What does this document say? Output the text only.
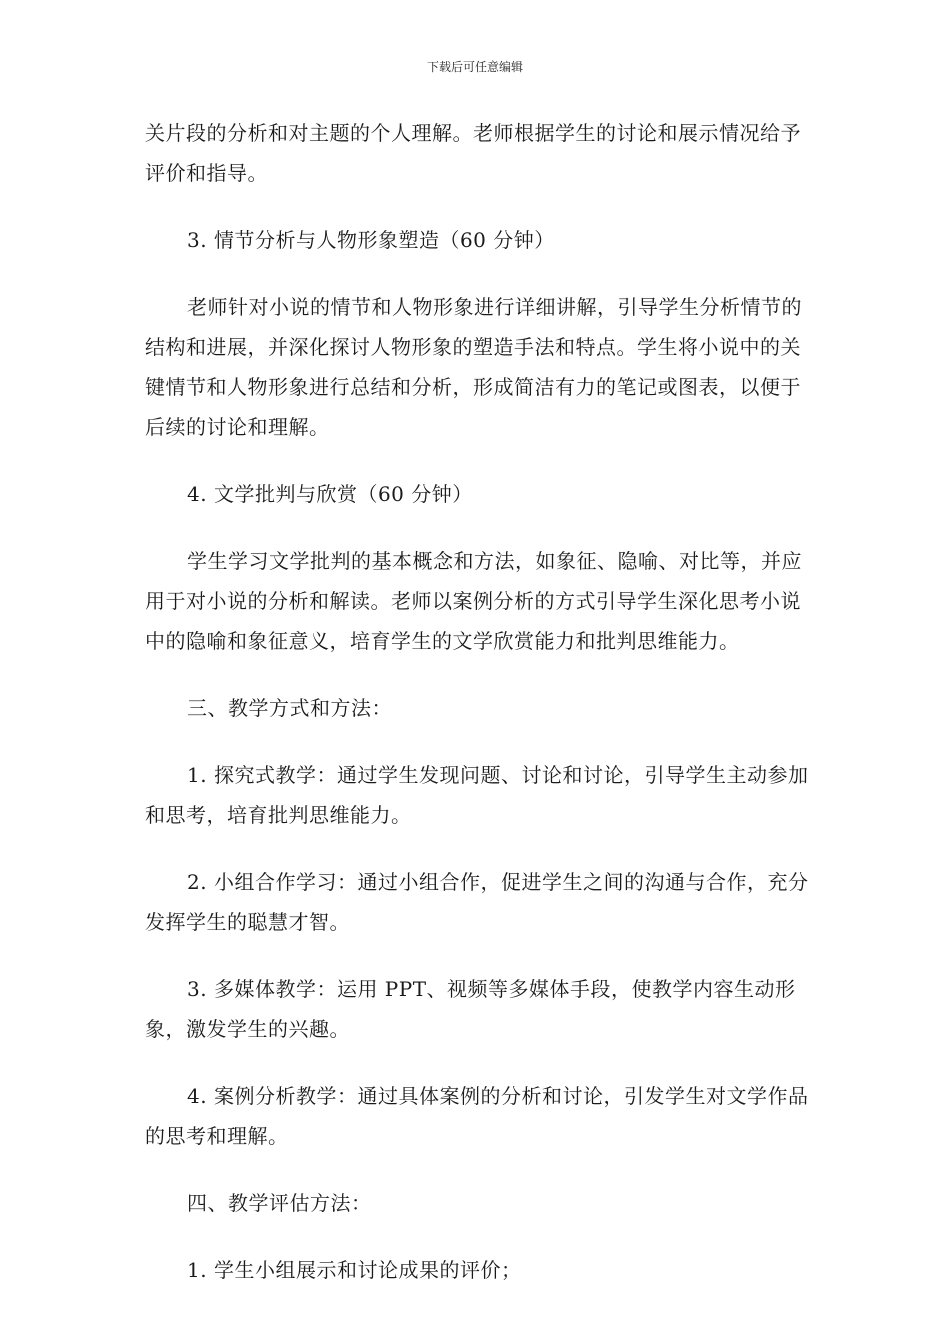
下载后可任意编辑

关片段的分析和对主题的个人理解。老师根据学生的讨论和展示情况给予评价和指导。

3. 情节分析与人物形象塑造（60 分钟）

老师针对小说的情节和人物形象进行详细讲解，引导学生分析情节的结构和进展，并深化探讨人物形象的塑造手法和特点。学生将小说中的关键情节和人物形象进行总结和分析，形成简洁有力的笔记或图表，以便于后续的讨论和理解。

4. 文学批判与欣赏（60 分钟）

学生学习文学批判的基本概念和方法，如象征、隐喻、对比等，并应用于对小说的分析和解读。老师以案例分析的方式引导学生深化思考小说中的隐喻和象征意义，培育学生的文学欣赏能力和批判思维能力。

三、教学方式和方法：

1. 探究式教学：通过学生发现问题、讨论和讨论，引导学生主动参加和思考，培育批判思维能力。

2. 小组合作学习：通过小组合作，促进学生之间的沟通与合作，充分发挥学生的聪慧才智。

3. 多媒体教学：运用 PPT、视频等多媒体手段，使教学内容生动形象，激发学生的兴趣。

4. 案例分析教学：通过具体案例的分析和讨论，引发学生对文学作品的思考和理解。

四、教学评估方法：

1. 学生小组展示和讨论成果的评价；
